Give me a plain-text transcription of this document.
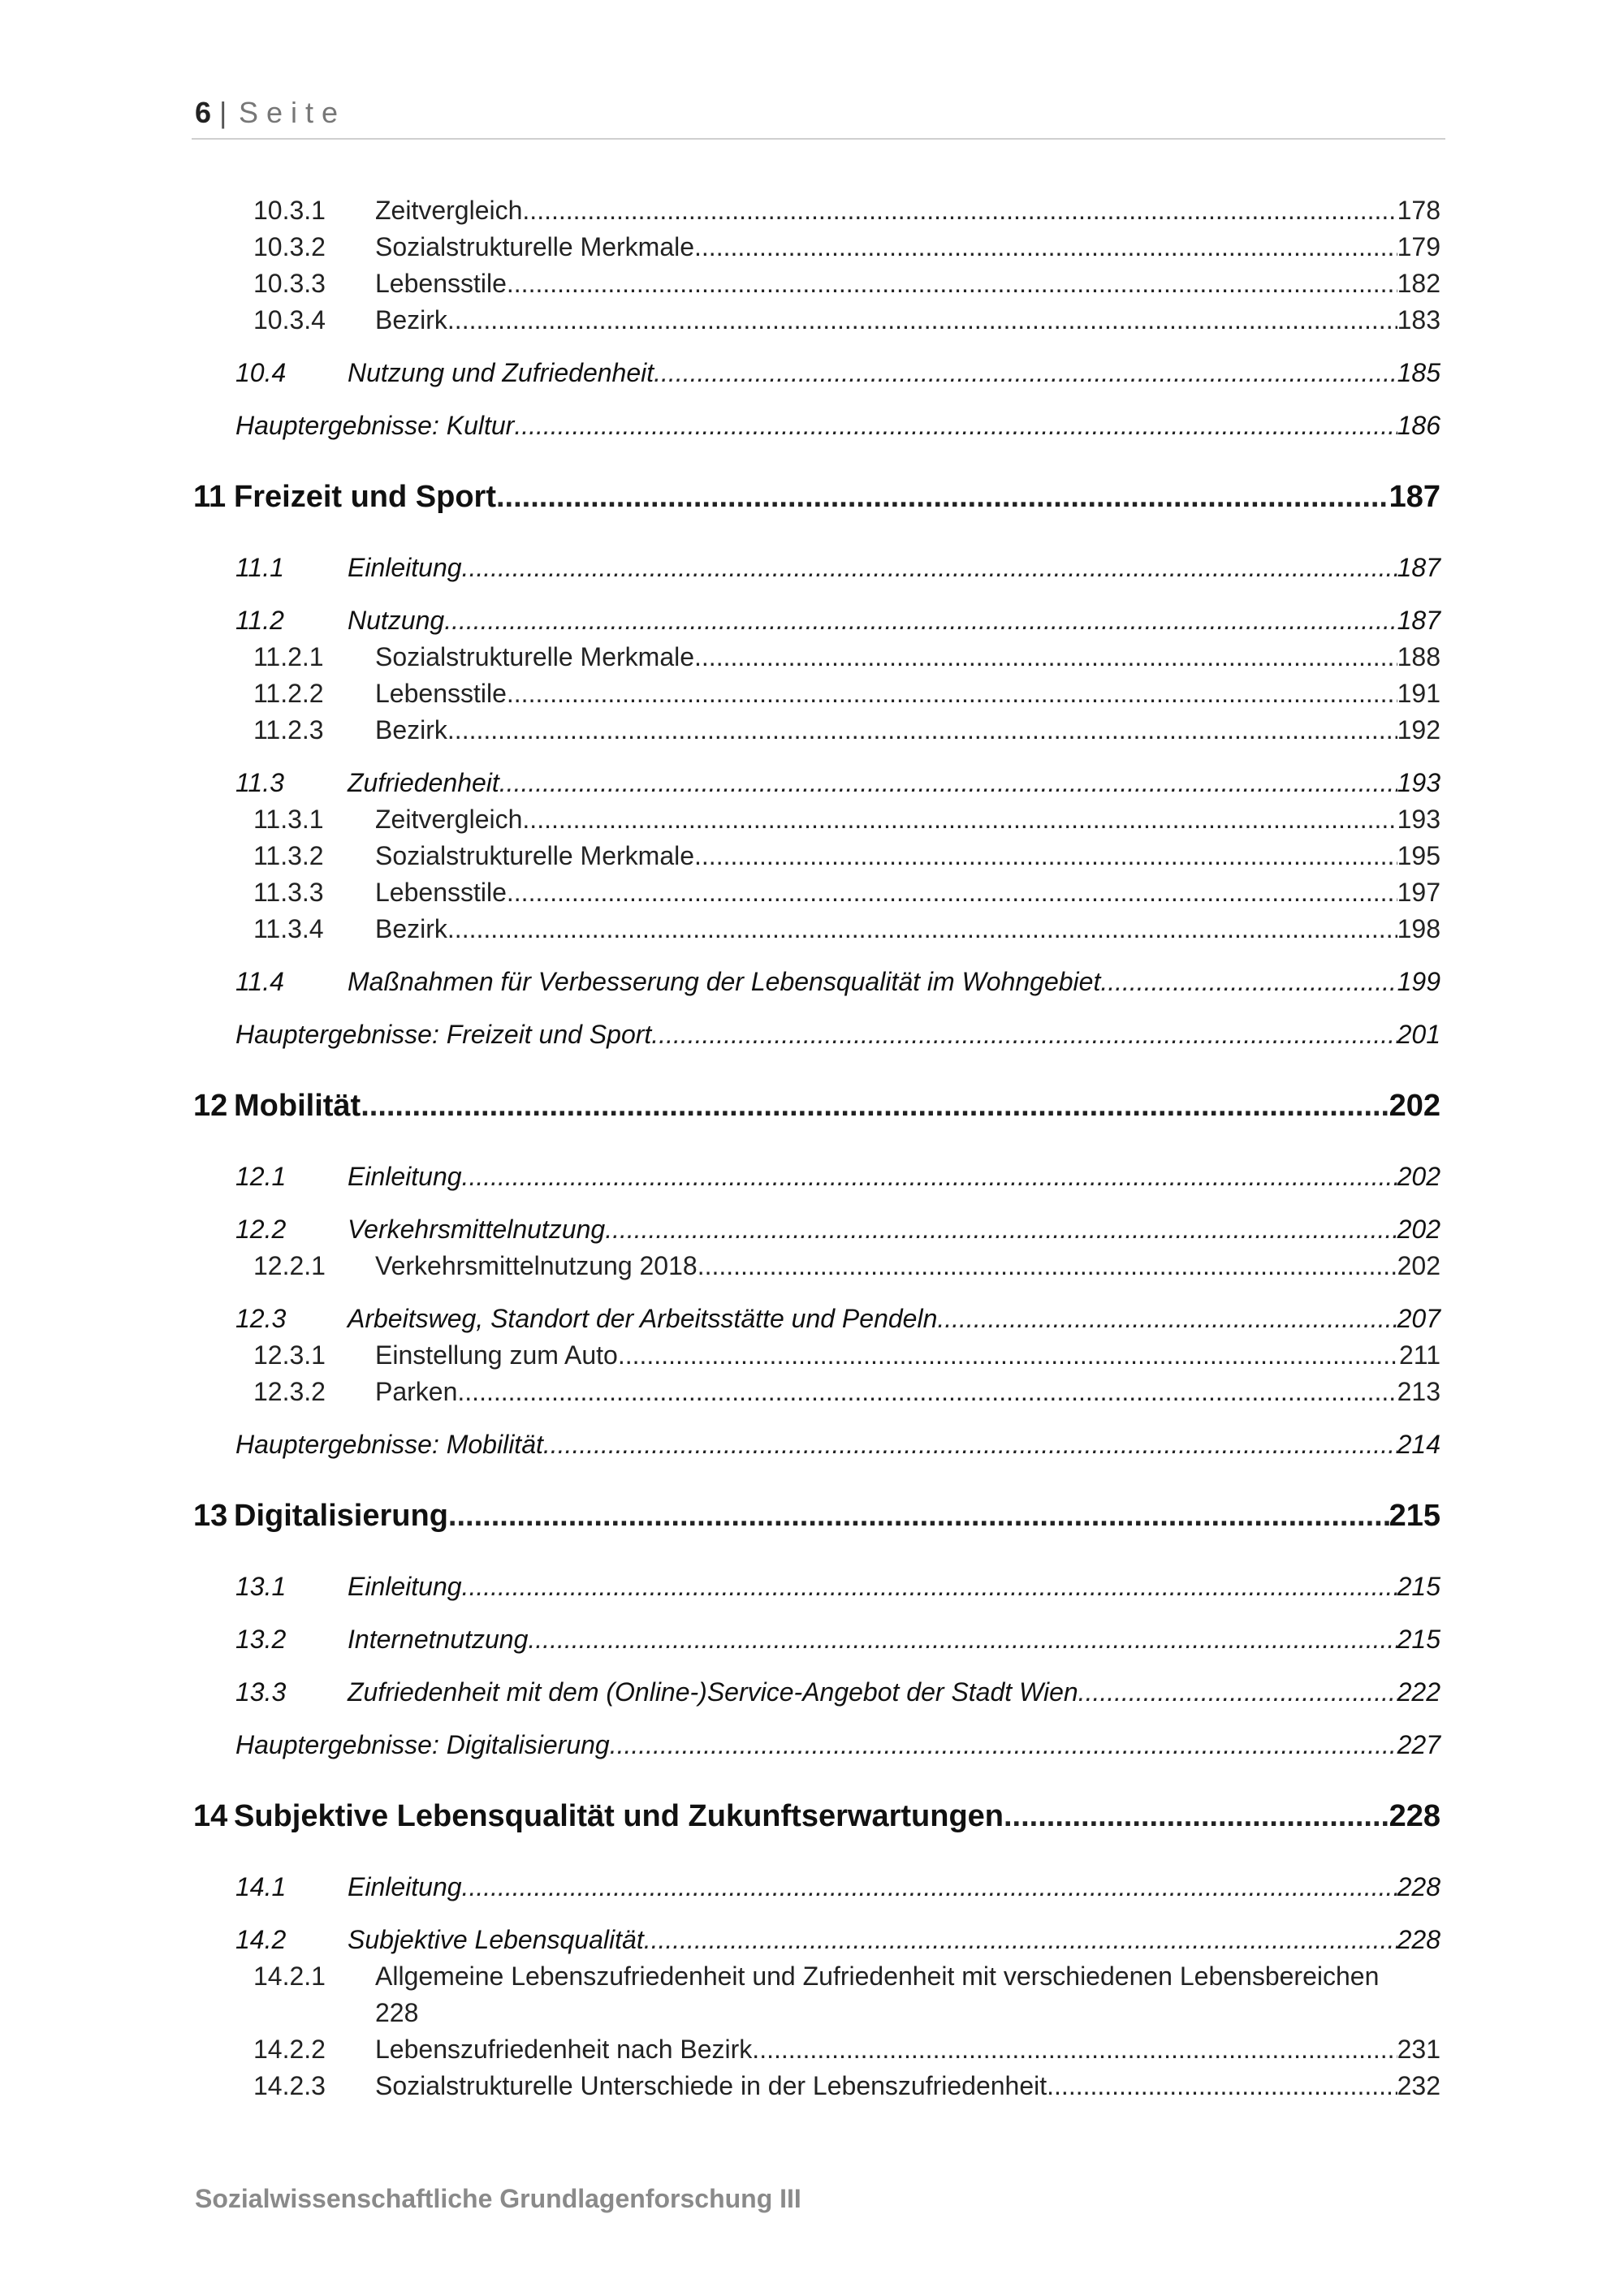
6 | Seite
10.3.1 Zeitvergleich .....	178
10.3.2 Sozialstrukturelle Merkmale .....	179
10.3.3 Lebensstile .....	182
10.3.4 Bezirk .....	183
10.4 Nutzung und Zufriedenheit .....	185
Hauptergebnisse: Kultur .....	186
11 Freizeit und Sport .....	187
11.1 Einleitung .....	187
11.2 Nutzung .....	187
11.2.1 Sozialstrukturelle Merkmale .....	188
11.2.2 Lebensstile .....	191
11.2.3 Bezirk .....	192
11.3 Zufriedenheit .....	193
11.3.1 Zeitvergleich .....	193
11.3.2 Sozialstrukturelle Merkmale .....	195
11.3.3 Lebensstile .....	197
11.3.4 Bezirk .....	198
11.4 Maßnahmen für Verbesserung der Lebensqualität im Wohngebiet .....	199
Hauptergebnisse: Freizeit und Sport .....	201
12 Mobilität .....	202
12.1 Einleitung .....	202
12.2 Verkehrsmittelnutzung .....	202
12.2.1 Verkehrsmittelnutzung 2018 .....	202
12.3 Arbeitsweg, Standort der Arbeitsstätte und Pendeln .....	207
12.3.1 Einstellung zum Auto .....	211
12.3.2 Parken .....	213
Hauptergebnisse: Mobilität .....	214
13 Digitalisierung .....	215
13.1 Einleitung .....	215
13.2 Internetnutzung .....	215
13.3 Zufriedenheit mit dem (Online-)Service-Angebot der Stadt Wien .....	222
Hauptergebnisse: Digitalisierung .....	227
14 Subjektive Lebensqualität und Zukunftserwartungen .....	228
14.1 Einleitung .....	228
14.2 Subjektive Lebensqualität .....	228
14.2.1 Allgemeine Lebenszufriedenheit und Zufriedenheit mit verschiedenen Lebensbereichen
228
14.2.2 Lebenszufriedenheit nach Bezirk .....	231
14.2.3 Sozialstrukturelle Unterschiede in der Lebenszufriedenheit .....	232
Sozialwissenschaftliche Grundlagenforschung III
